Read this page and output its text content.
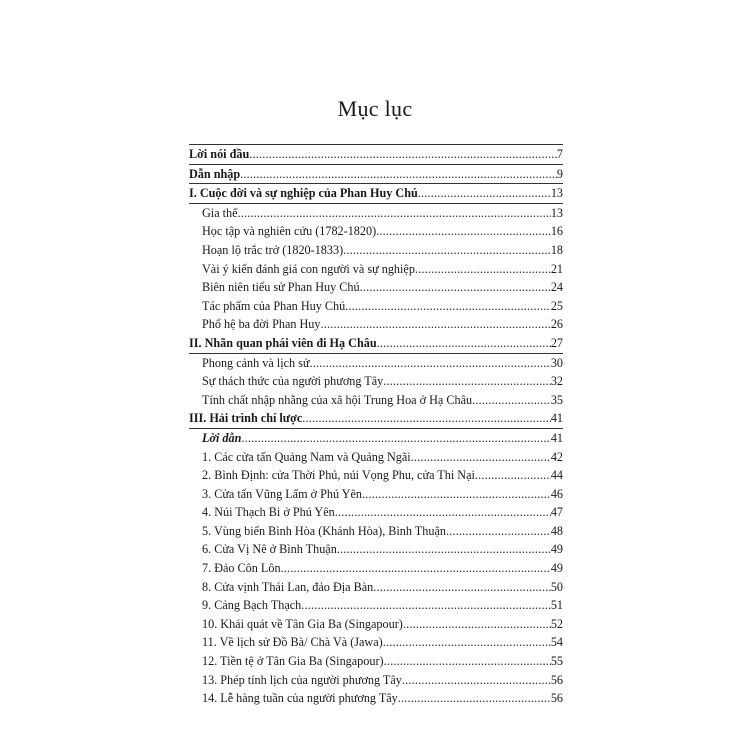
Mục lục
Lời nói đầu .....	7
Dẫn nhập .....	9
I. Cuộc đời và sự nghiệp của Phan Huy Chú .....	13
Gia thế .....	13
Học tập và nghiên cứu (1782-1820) .....	16
Hoạn lộ trắc trở (1820-1833) .....	18
Vài ý kiến đánh giá con người và sự nghiệp .....	21
Biên niên tiểu sử Phan Huy Chú .....	24
Tác phẩm của Phan Huy Chú .....	25
Phổ hệ ba đời Phan Huy .....	26
II. Nhãn quan phái viên đi Hạ Châu .....	27
Phong cảnh và lịch sử .....	30
Sự thách thức của người phương Tây .....	32
Tính chất nhập nhằng của xã hội Trung Hoa ở Hạ Châu .....	35
III. Hải trình chí lược .....	41
Lời dẫn .....	41
1. Các cửa tấn Quảng Nam và Quảng Ngãi .....	42
2. Bình Định: cửa Thời Phú, núi Vọng Phu, cửa Thi Nại .....	44
3. Cửa tấn Vũng Lấm ở Phú Yên .....	46
4. Núi Thạch Bi ở Phú Yên .....	47
5. Vùng biển Bình Hòa (Khánh Hòa), Bình Thuận .....	48
6. Cửa Vị Nê ở Bình Thuận .....	49
7. Đảo Côn Lôn .....	49
8. Cửa vịnh Thái Lan, đảo Địa Bàn .....	50
9. Cảng Bạch Thạch .....	51
10. Khái quát về Tân Gia Ba (Singapour) .....	52
11. Về lịch sử Đồ Bà/ Chà Và (Jawa) .....	54
12. Tiền tệ ở Tân Gia Ba (Singapour) .....	55
13. Phép tính lịch của người phương Tây .....	56
14. Lễ hàng tuần của người phương Tây .....	56
